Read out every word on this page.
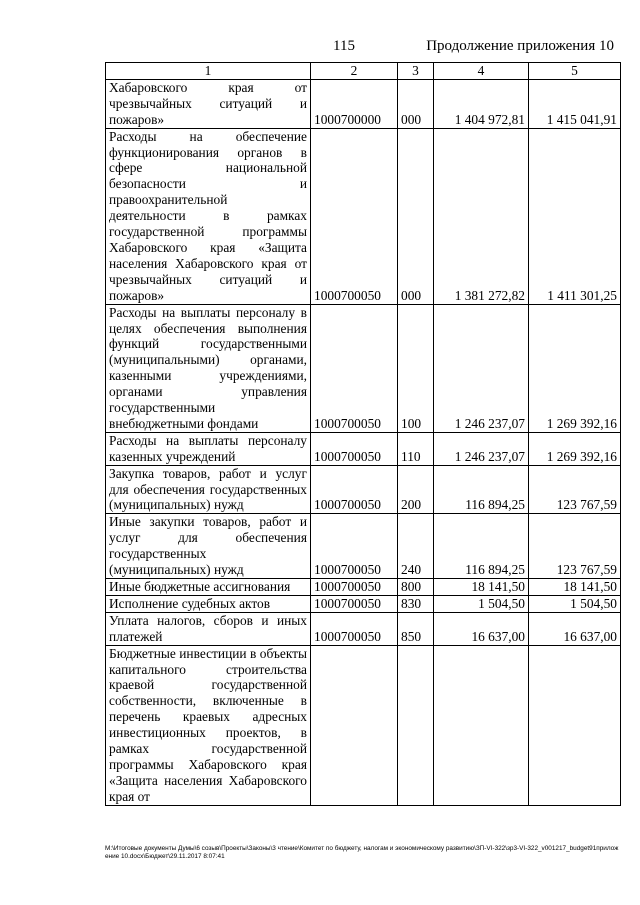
115	Продолжение приложения 10
1	2	3	4	5
Хабаровского края от чрезвычайных ситуаций и пожаров»	1000700000	000	1 404 972,81	1 415 041,91
Расходы на обеспечение функционирования органов в сфере национальной безопасности и правоохранительной деятельности в рамках государственной программы Хабаровского края «Защита населения Хабаровского края от чрезвычайных ситуаций и пожаров»	1000700050	000	1 381 272,82	1 411 301,25
Расходы на выплаты персоналу в целях обеспечения выполнения функций государственными (муниципальными) органами, казенными учреждениями, органами управления государственными внебюджетными фондами	1000700050	100	1 246 237,07	1 269 392,16
Расходы на выплаты персоналу казенных учреждений	1000700050	110	1 246 237,07	1 269 392,16
Закупка товаров, работ и услуг для обеспечения государственных (муниципальных) нужд	1000700050	200	116 894,25	123 767,59
Иные закупки товаров, работ и услуг для обеспечения государственных (муниципальных) нужд	1000700050	240	116 894,25	123 767,59
Иные бюджетные ассигнования	1000700050	800	18 141,50	18 141,50
Исполнение судебных актов	1000700050	830	1 504,50	1 504,50
Уплата налогов, сборов и иных платежей	1000700050	850	16 637,00	16 637,00
Бюджетные инвестиции в объекты капитального строительства краевой государственной собственности, включенные в перечень краевых адресных инвестиционных проектов, в рамках государственной программы Хабаровского края «Защита населения Хабаровского края от				
М:\Итоговые документы Думы\6 созыв\Проекты\Законы\3 чтение\Комитет по бюджету, налогам и экономическому развитию\ЗП-VI-322\зр3-VI-322_v001217_budget91приложение 10.docx\Бюджет\29.11.2017 8:07:41
